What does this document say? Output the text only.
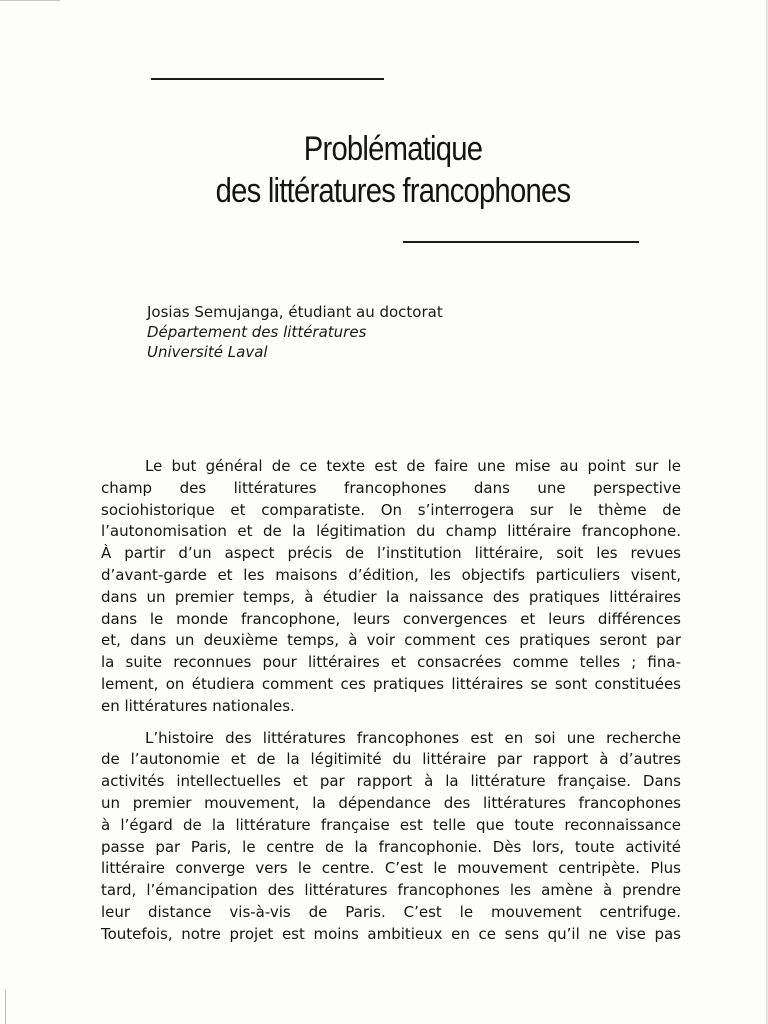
Problématique
des littératures francophones
Josias Semujanga, étudiant au doctorat
Département des littératures
Université Laval
Le but général de ce texte est de faire une mise au point sur le
champ des littératures francophones dans une perspective
sociohistorique et comparatiste. On s’interrogera sur le thème de
l’autonomisation et de la légitimation du champ littéraire francophone.
À partir d’un aspect précis de l’institution littéraire, soit les revues
d’avant-garde et les maisons d’édition, les objectifs particuliers visent,
dans un premier temps, à étudier la naissance des pratiques littéraires
dans le monde francophone, leurs convergences et leurs différences
et, dans un deuxième temps, à voir comment ces pratiques seront par
la suite reconnues pour littéraires et consacrées comme telles ; fina-
lement, on étudiera comment ces pratiques littéraires se sont constituées
en littératures nationales.
L’histoire des littératures francophones est en soi une recherche
de l’autonomie et de la légitimité du littéraire par rapport à d’autres
activités intellectuelles et par rapport à la littérature française. Dans
un premier mouvement, la dépendance des littératures francophones
à l’égard de la littérature française est telle que toute reconnaissance
passe par Paris, le centre de la francophonie. Dès lors, toute activité
littéraire converge vers le centre. C’est le mouvement centripète. Plus
tard, l’émancipation des littératures francophones les amène à prendre
leur distance vis-à-vis de Paris. C’est le mouvement centrifuge.
Toutefois, notre projet est moins ambitieux en ce sens qu’il ne vise pas
